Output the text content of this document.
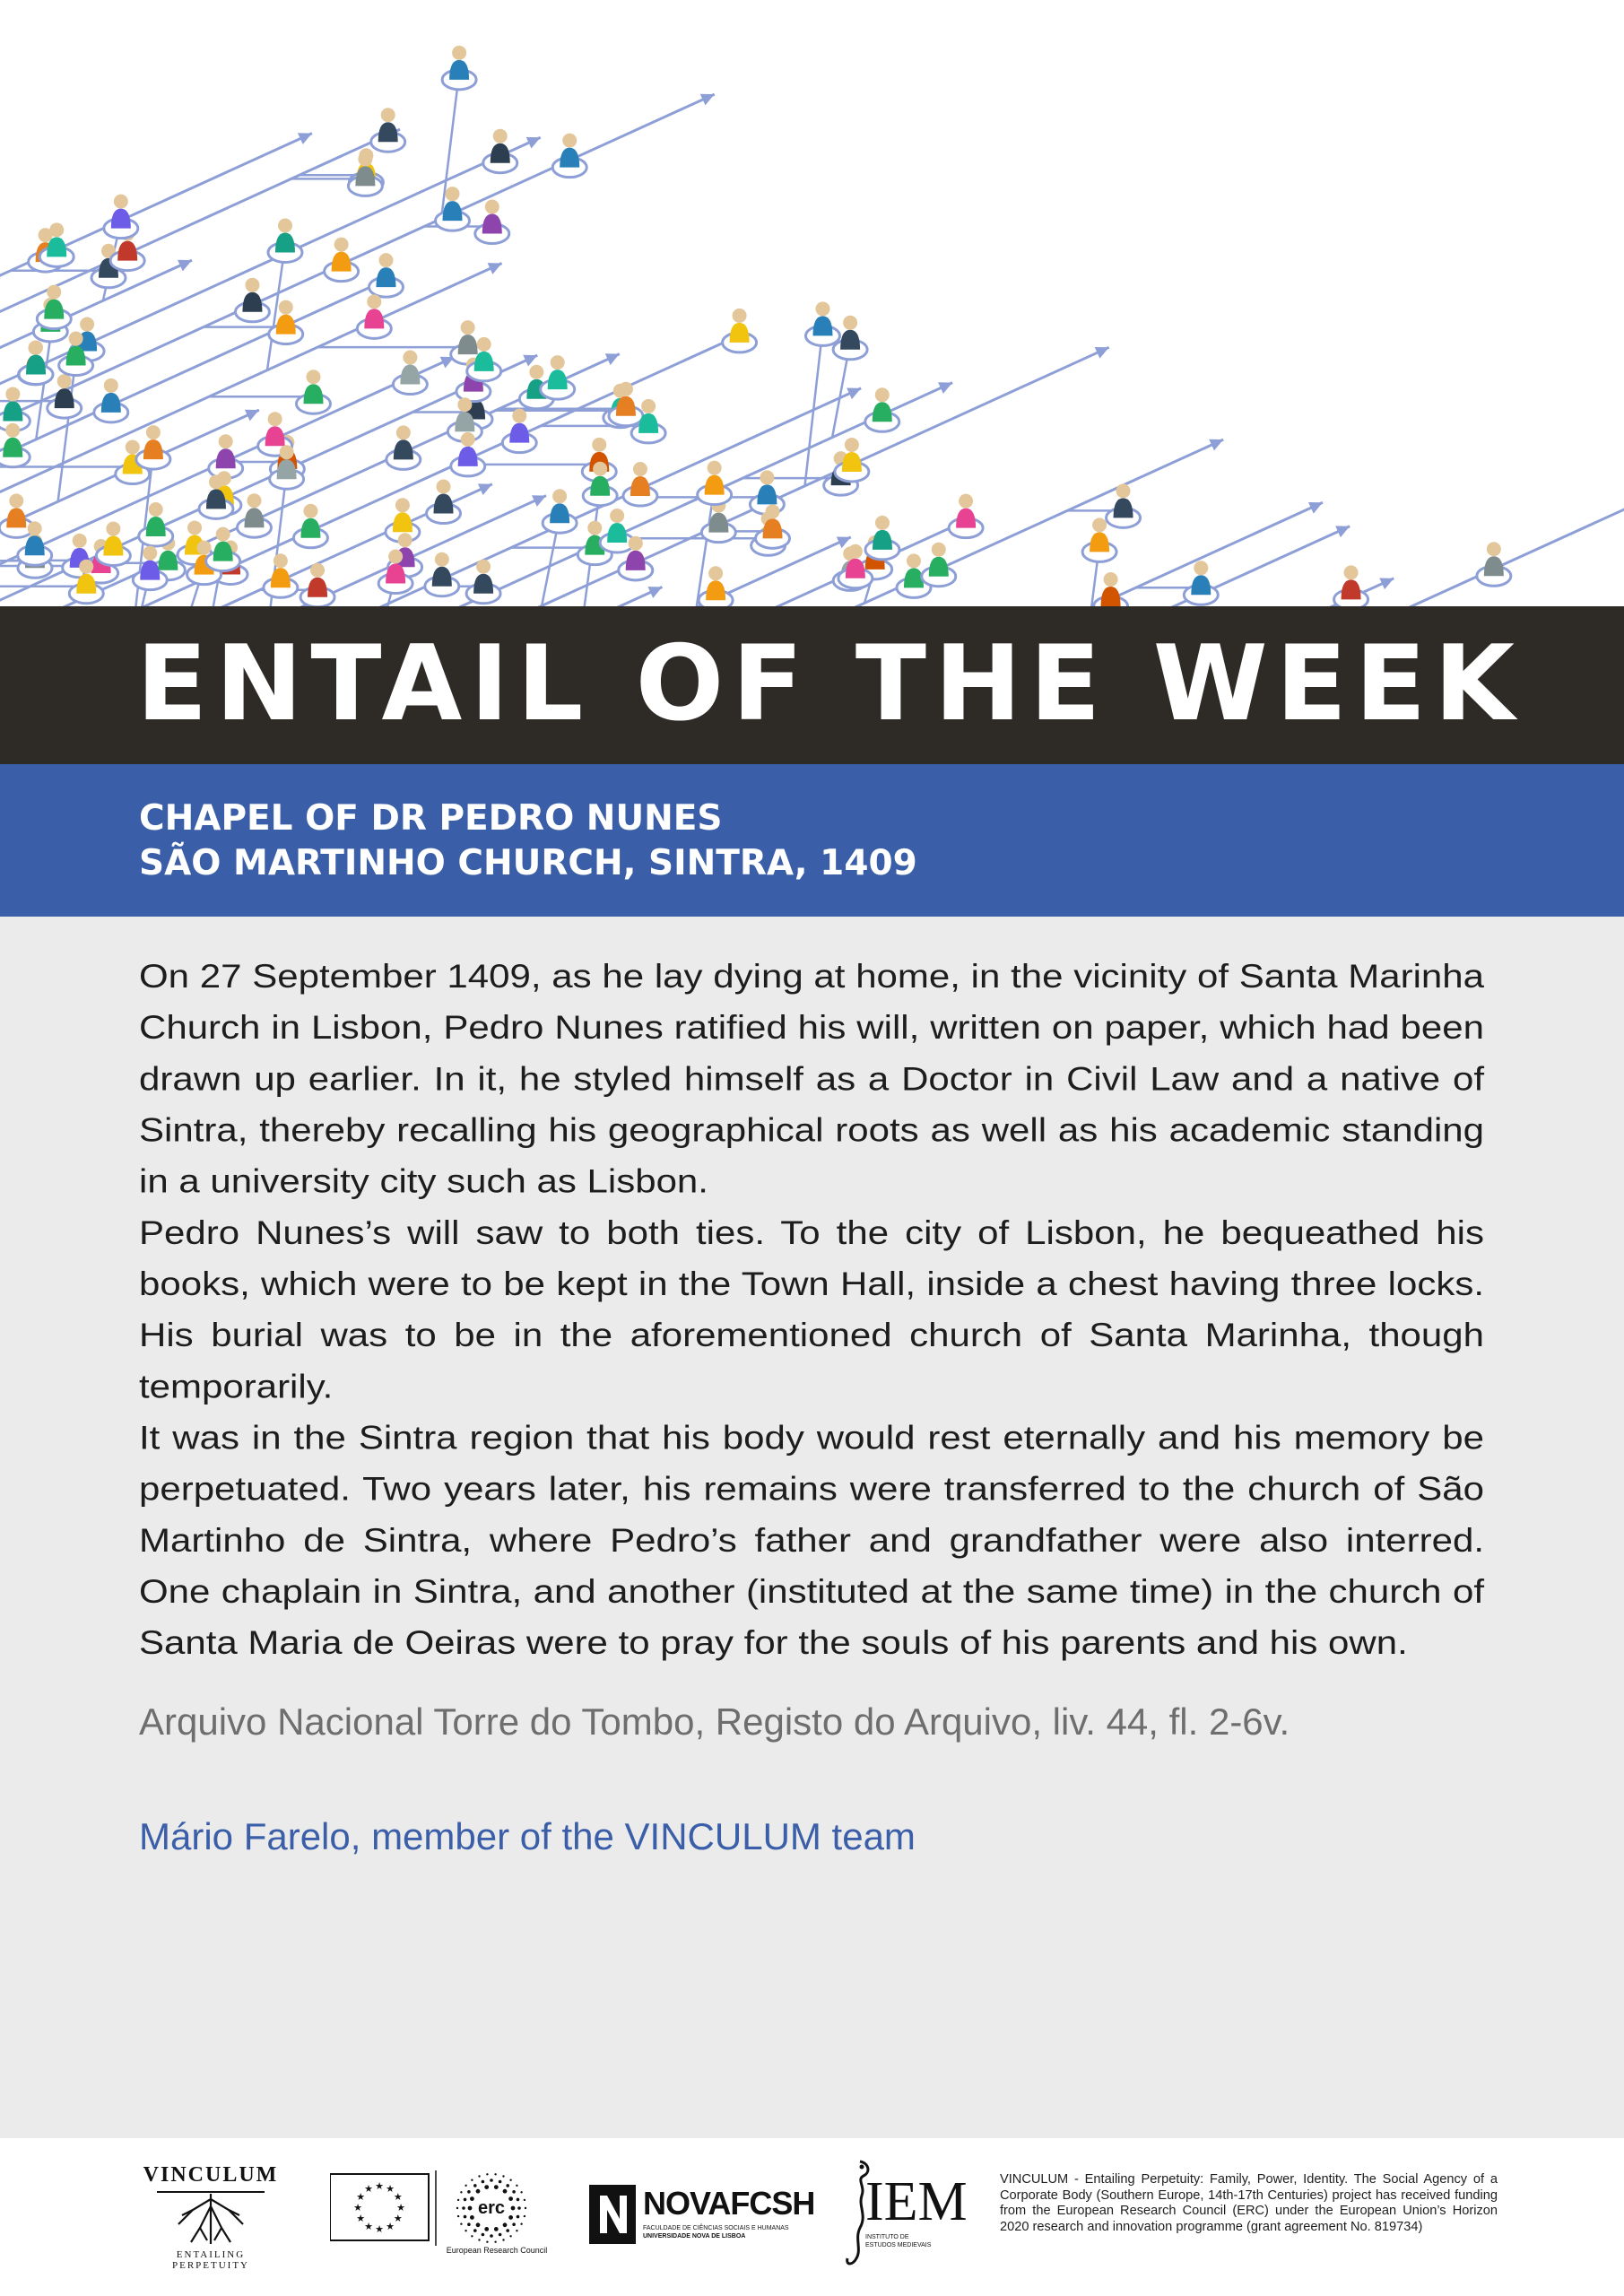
ENTAIL OF THE WEEK

CHAPEL OF DR PEDRO NUNES

SÃO MARTINHO CHURCH, SINTRA, 1409

On 27 September 1409, as he lay dying at home, in the vicinity of Santa Marinha Church in Lisbon, Pedro Nunes ratified his will, written on paper, which had been drawn up earlier. In it, he styled himself as a Doctor in Civil Law and a native of Sintra, thereby recalling his geographical roots as well as his academic standing in a university city such as Lisbon.

Pedro Nunes’s will saw to both ties. To the city of Lisbon, he bequeathed his books, which were to be kept in the Town Hall, inside a chest having three locks. His burial was to be in the aforementioned church of Santa Marinha, though temporarily.

It was in the Sintra region that his body would rest eternally and his memory be perpetuated. Two years later, his remains were transferred to the church of São Martinho de Sintra, where Pedro’s father and grandfather were also interred. One chaplain in Sintra, and another (instituted at the same time) in the church of Santa Maria de Oeiras were to pray for the souls of his parents and his own.

Arquivo Nacional Torre do Tombo, Registo do Arquivo, liv. 44, fl. 2-6v.

Mário Farelo, member of the VINCULUM team

VINCULUM
ENTAILING PERPETUITY
★
★
★
★
★
★
★
★
★ ★ ★
★
erc
European Research Council
NOVAFCSH
FACULDADE DE CIÊNCIAS SOCIAIS E HUMANAS
UNIVERSIDADE NOVA DE LISBOA
IEM
INSTITUTO DE ESTUDOS MEDIEVAIS

VINCULUM - Entailing Perpetuity: Family, Power, Identity. The Social Agency of a Corporate Body (Southern Europe, 14th-17th Centuries) project has received funding from the European Research Council (ERC) under the European Union’s Horizon 2020 research and innovation programme (grant agreement No. 819734)
